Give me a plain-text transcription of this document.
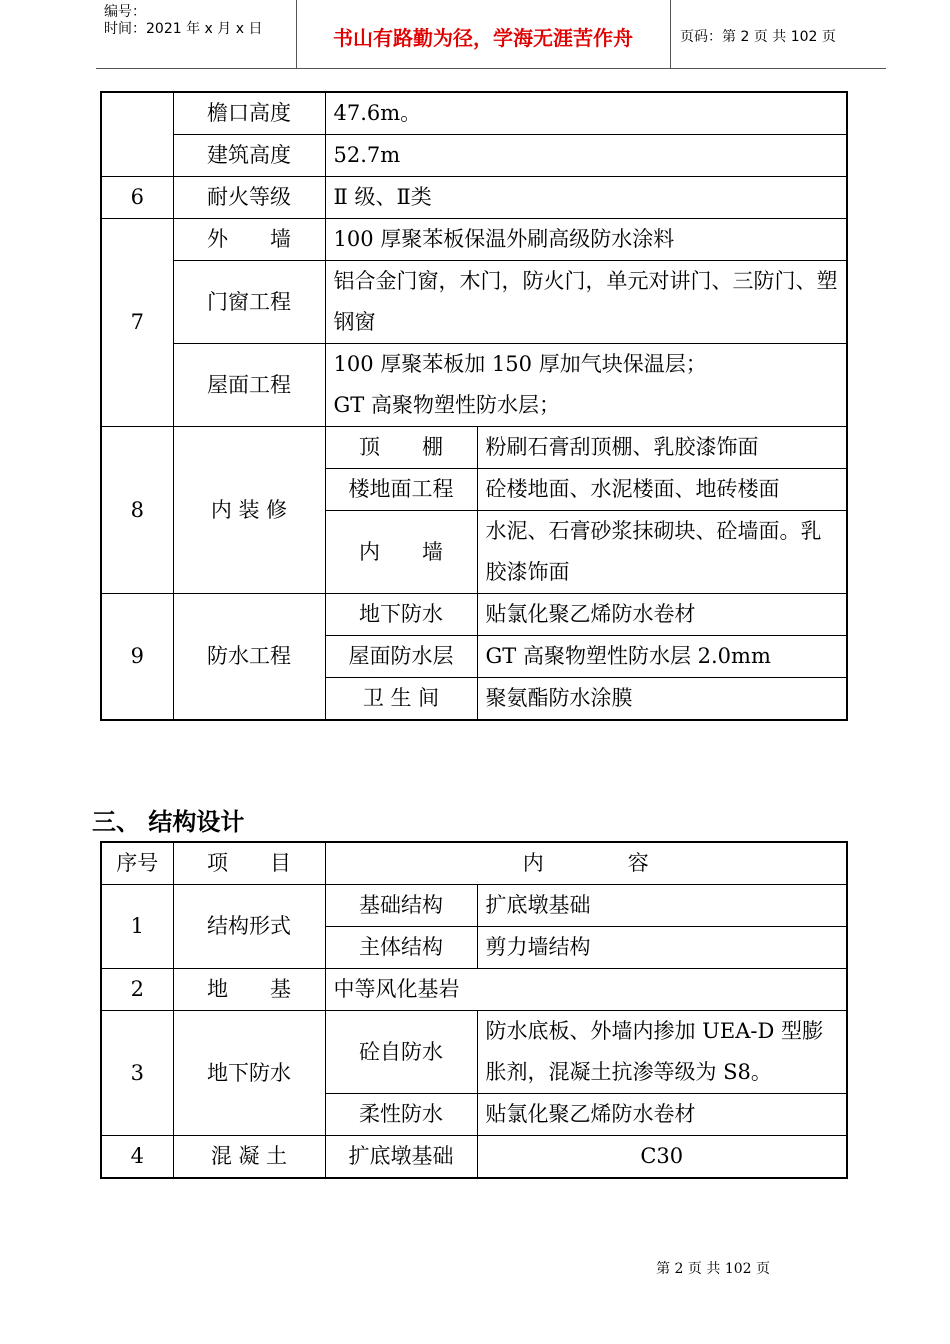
编号：
时间：2021 年 x 月 x 日	书山有路勤为径，学海无涯苦作舟	页码：第 2 页 共 102 页
	檐口高度	47.6m。	
	建筑高度	52.7m	
6	耐火等级	Ⅱ 级、Ⅱ类	
7	外　　墙	100 厚聚苯板保温外刷高级防水涂料	
	门窗工程	铝合金门窗，木门，防火门，单元对讲门、三防门、塑钢窗	
	屋面工程	100 厚聚苯板加 150 厚加气块保温层；
GT 高聚物塑性防水层；	

8	内 装 修	顶　　棚	粉刷石膏刮顶棚、乳胶漆饰面
		楼地面工程	砼楼地面、水泥楼面、地砖楼面
		内　　墙	水泥、石膏砂浆抹砌块、砼墙面。乳胶漆饰面
9	防水工程	地下防水	贴氯化聚乙烯防水卷材
		屋面防水层	GT 高聚物塑性防水层 2.0mm
		卫 生 间	聚氨酯防水涂膜
三、 结构设计
序号	项　　目	内　　　　容	
1	结构形式	基础结构	扩底墩基础
		主体结构	剪力墙结构
2	地　　基	中等风化基岩	
3	地下防水	砼自防水	防水底板、外墙内掺加 UEA-D 型膨胀剂，混凝土抗渗等级为 S8。
		柔性防水	贴氯化聚乙烯防水卷材
4	混 凝 土	扩底墩基础	C30
第 2 页 共 102 页
